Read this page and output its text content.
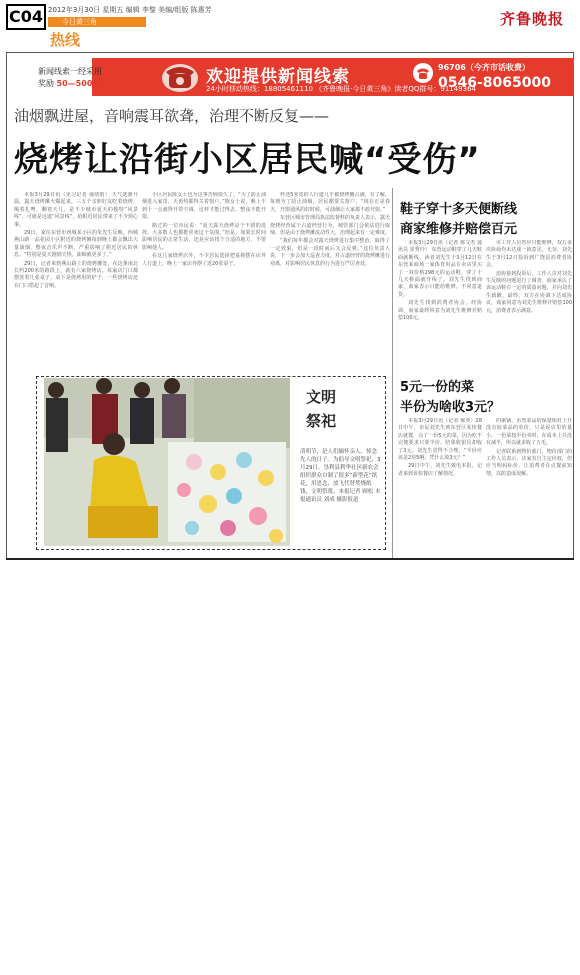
C04 2012年3月30日 星期五 编辑 李黎 美编/组版 陈惠芳
今日黄三角
热线
齐鲁晚报
新闻线索一经采用
奖励 50—500元	欢迎提供新闻线索
24小时移动热线：18805461110 《齐鲁晚报·今日黄三角》读者QQ群号：91149364
96706（今齐市话收费）
0546-8065000
油烟飘进屋，音响震耳欲聋，治理不断反复——
烧烤让沿街小区居民喊“受伤”

本报3月29日讯（见习记者 强靖雨） 天气逐渐升温，露天烧烤摊火爆起来。三五个亲朋好友吃着烧烤、喝着扎啤，聊着天儿，是不少城市夏天的独特“风景线”。可就是这道“风景线”，给附近居民带来了不少烦心事。

29日，家住东营市西城某小区的朱先生反映，西城燕山路一品花园小区附近的烧烤摊每到晚上都会飘出大量油烟，整夜音乐声不断，严重影响了附近居民的休息。“特别是夏天刚到天热，油烟就更多了。”

29日，记者来到燕山路上的烧烤摊处，在这条南北长约200米的路段上，就有六家烧烤店。每家店门口都摆放着几张桌子，桌下是烧烤用的炉子，一些烧烤店还在门口搭起了音响。

小区居民陈女士也为这事苦恼很久了。“为了防止油烟进入家里，天再热都得关着窗户。”陈女士说，晚上不到十一点就得开着空调，这样才能过得去，整夜不能开窗。

路过的一位市民说：“夏天露天烧烤是个不错的选择，大多数人也都挺喜欢这个氛围。”但是，如果长时间影响居民的正常生活，还是应该找个合适的地方，不要影响他人。

在这几家烧烤店外，不少居民选择把桌椅摆在店外人行道上，晚上一家店外摆了近20张桌子。

样还5米宽的人行道几乎被烧烤摊占满，有了解，每到为了防止油烟，居民都要关窗户。“现在正是春天，开窗通风的好时候，可油烟让大家都不敢开窗。”

东营区城市管理局执法监督科的负责人表示，露天烧烤经营属于占道经营行为，城管部门会依法进行取缔，但是由于烧烤摊流动性大，治理起来有一定难度。

“我们每年都会对露天烧烤进行集中整治，取得了一定效果，但是一段时间后又会反弹。”这位负责人说，下一步会加大巡查力度，对占道经营的烧烤摊进行劝离，对影响居民休息的行为进行严厉查处。

鞋子穿十多天便断线
商家维修并赔偿百元

本报3月29日讯（记者 郝文杰 通讯员 崔秀玲） 东营运动鞋穿了几天鞋面就断线，读者刘先生于3月12日在东营某商场一家体育用品专卖店里买了一双价格298元的运动鞋，穿了十几天鞋面就开线了。刘先生找到商家，商家表示只能给维修，不同意退货。

刘先生找到消费者协会，经协调，商家最终同意为刘先生维修并赔偿100元。

市工作人员答应只能维修，双方多次协商均未达成一致意见。无奈，刘先生于3月12日投诉到广饶县消费者协会。

消协接到投诉后，工作人员对刘先生反映的问题进行了调查，商家承认了该运动鞋有一定的质量问题，并向刘先生致歉，最终，双方在协调下达成协议，商家同意为刘先生维修并赔偿100元，消费者表示满意。

5元一份的菜
半份为啥收3元？

本报3月29日讯（记者 郝奕）28日中午，市民刘先生到东营区某快餐店就餐，点了一份5元的菜，因为吃不完便要求只要半份，结果收银员却收了3元。刘先生觉得不合理，“半份应该是2块5啊，凭什么收3元？”

29日中午，刘先生致电本报，记者来到该快餐店了解情况。

的粥铺，虽然菜品的保量相对上升没有较菜品的单价，只是说店里的量小，一份菜按半份卖时，在成本上并没有减半，所以就多收了五毛。

记者联系到物价部门，物价部门的工作人员表示，店家有自主定价权，但应当明码标价，让消费者在点餐前知情，以防造成误解。

文明
祭祀
清明节，是人们缅怀亲人、悼念先人的日子。为倡导文明祭祀，3月29日，垦利县利华社区新农会组织群众自制了很多“新型花”纸花，用思念、放飞代替焚烧纸钱，文明祭奠。本报记者 顾松 本报通讯员 刘成 摄影报道
